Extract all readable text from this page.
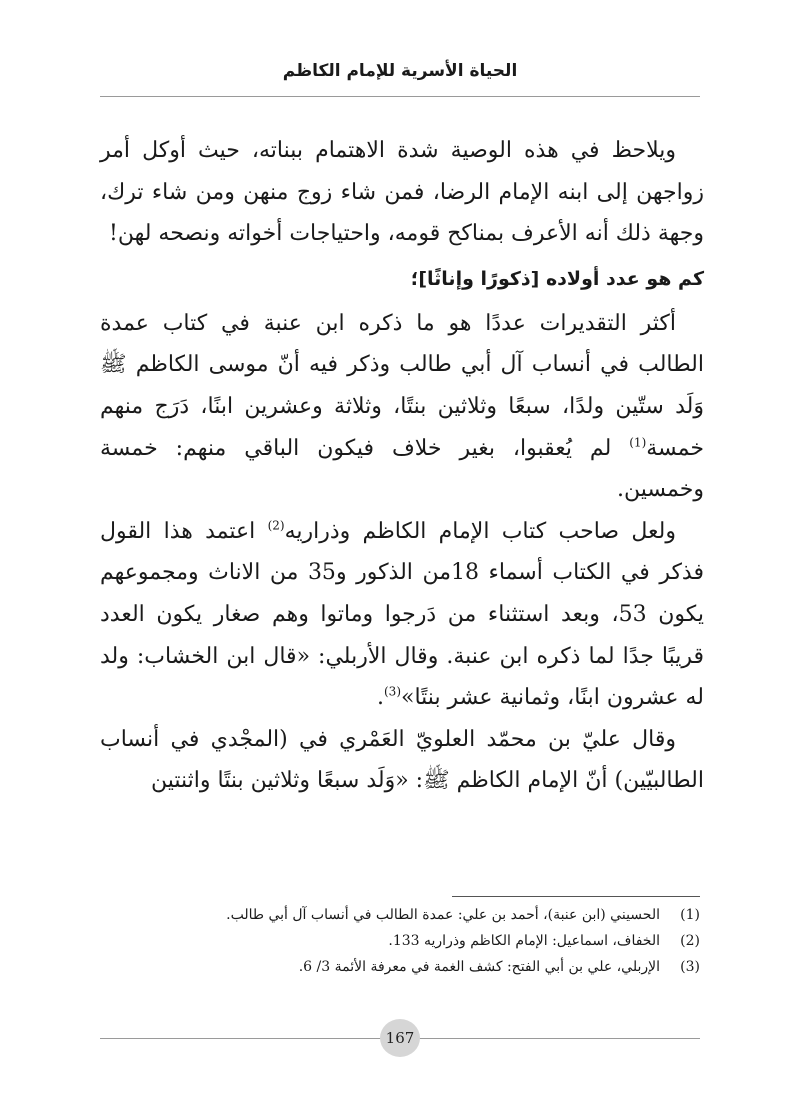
الحياة الأسرية للإمام الكاظم

ويلاحظ في هذه الوصية شدة الاهتمام ببناته، حيث أوكل أمر زواجهن إلى ابنه الإمام الرضا، فمن شاء زوج منهن ومن شاء ترك، وجهة ذلك أنه الأعرف بمناكح قومه، واحتياجات أخواته ونصحه لهن!

كم هو عدد أولاده [ذكورًا وإناثًا]؛

أكثر التقديرات عددًا هو ما ذكره ابن عنبة في كتاب عمدة الطالب في أنساب آل أبي طالب وذكر فيه أنّ موسى الكاظم ﷺ وَلَد ستّين ولدًا، سبعًا وثلاثين بنتًا، وثلاثة وعشرين ابنًا، دَرَج منهم خمسة$^{(1)}$ لم يُعقبوا، بغير خلاف فيكون الباقي منهم: خمسة وخمسين.

ولعل صاحب كتاب الإمام الكاظم وذراريه$^{(2)}$ اعتمد هذا القول فذكر في الكتاب أسماء 18من الذكور و35 من الاناث ومجموعهم يكون 53، وبعد استثناء من دَرجوا وماتوا وهم صغار يكون العدد قريبًا جدًا لما ذكره ابن عنبة. وقال الأربلي: «قال ابن الخشاب: ولد له عشرون ابنًا، وثمانية عشر بنتًا»$^{(3)}$.

وقال عليّ بن محمّد العلويّ العَمْري في (المجْدي في أنساب الطالبيّين) أنّ الإمام الكاظم ﷺ: «وَلَد سبعًا وثلاثين بنتًا واثنتين

(1)
الحسيني (ابن عنبة)، أحمد بن علي: عمدة الطالب في أنساب آل أبي طالب.
(2)
الخفاف، اسماعيل: الإمام الكاظم وذراريه 133.
(3)
الإربلي، علي بن أبي الفتح: كشف الغمة في معرفة الأئمة 3/ 6.
167
